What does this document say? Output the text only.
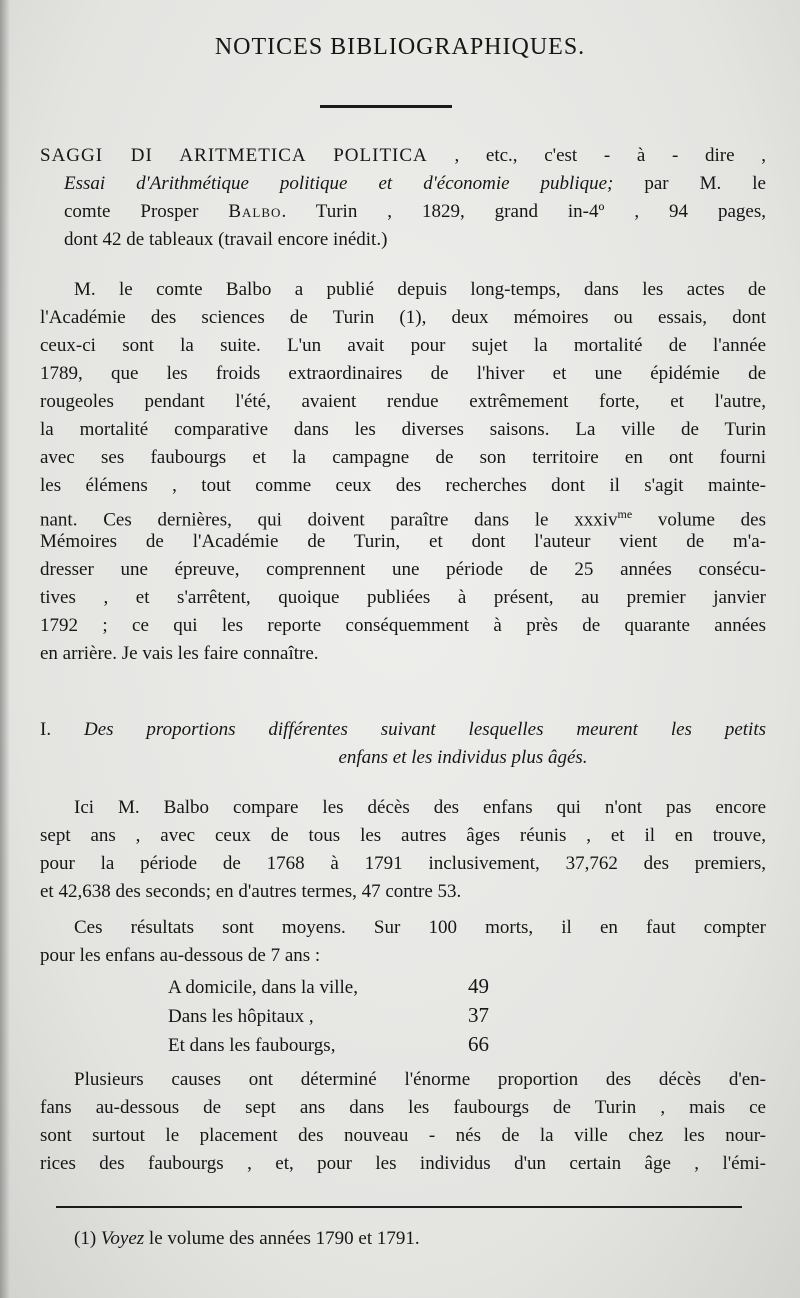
NOTICES BIBLIOGRAPHIQUES.
SAGGI DI ARITMETICA POLITICA , etc., c'est - à - dire ,
Essai d'Arithmétique politique et d'économie publique; par M. le
comte Prosper Balbo. Turin , 1829, grand in-4º , 94 pages,
dont 42 de tableaux (travail encore inédit.)
M. le comte Balbo a publié depuis long-temps, dans les actes de
l'Académie des sciences de Turin (1), deux mémoires ou essais, dont
ceux-ci sont la suite. L'un avait pour sujet la mortalité de l'année
1789, que les froids extraordinaires de l'hiver et une épidémie de
rougeoles pendant l'été, avaient rendue extrêmement forte, et l'autre,
la mortalité comparative dans les diverses saisons. La ville de Turin
avec ses faubourgs et la campagne de son territoire en ont fourni
les élémens , tout comme ceux des recherches dont il s'agit mainte-
nant. Ces dernières, qui doivent paraître dans le xxxiv$^{me}$ volume des
Mémoires de l'Académie de Turin, et dont l'auteur vient de m'a-
dresser une épreuve, comprennent une période de 25 années consécu-
tives , et s'arrêtent, quoique publiées à présent, au premier janvier
1792 ; ce qui les reporte conséquemment à près de quarante années
en arrière. Je vais les faire connaître.
I. Des proportions différentes suivant lesquelles meurent les petits
enfans et les individus plus âgés.
Ici M. Balbo compare les décès des enfans qui n'ont pas encore
sept ans , avec ceux de tous les autres âges réunis , et il en trouve,
pour la période de 1768 à 1791 inclusivement, 37,762 des premiers,
et 42,638 des seconds; en d'autres termes, 47 contre 53.
Ces résultats sont moyens. Sur 100 morts, il en faut compter
pour les enfans au-dessous de 7 ans :
A domicile, dans la ville,	49
Dans les hôpitaux ,	37
Et dans les faubourgs,	66
Plusieurs causes ont déterminé l'énorme proportion des décès d'en-
fans au-dessous de sept ans dans les faubourgs de Turin , mais ce
sont surtout le placement des nouveau - nés de la ville chez les nour-
rices des faubourgs , et, pour les individus d'un certain âge , l'émi-
(1) Voyez le volume des années 1790 et 1791.
